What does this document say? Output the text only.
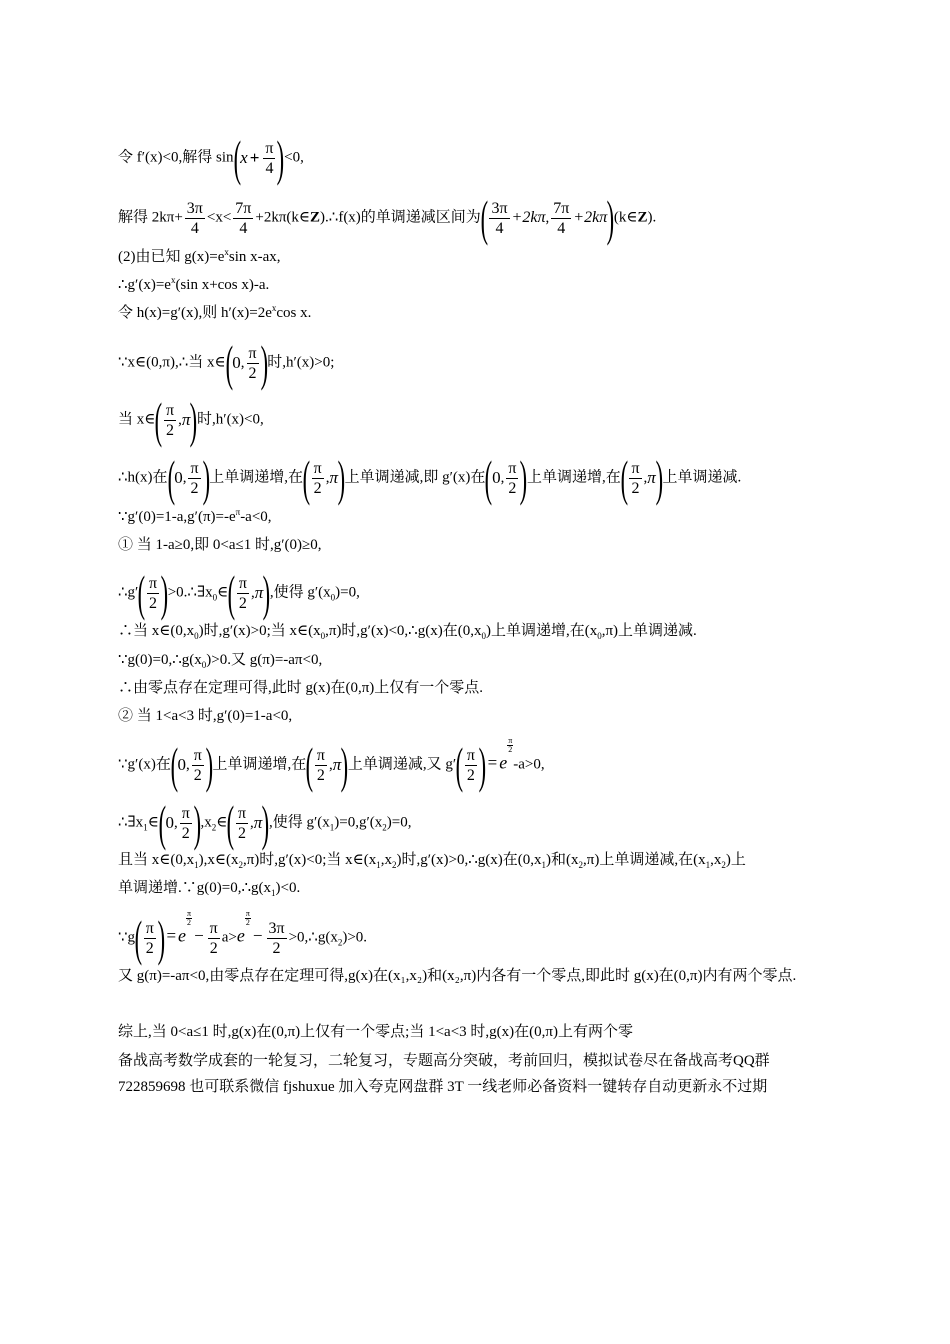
令 f′(x)<0,解得 sin ( $x + \frac{\pi}{4}$ ) <0,
解得 $2k\pi+ \frac{3\pi}{4} <x< \frac{7\pi}{4}$ +2kπ(k∈Z).∴f(x)的单调递减区间为 ( $\frac{3\pi}{4} +2k\pi$ , $\frac{7\pi}{4} +2k\pi$ ) (k∈Z).
(2)由已知 $g(x)=e^x\sin$ x-ax,
$\therefore g'(x)=e^x(\sin$ x+cos x)-a.
令 h(x)=g′(x),则 $h'(x)=2e^x\cos$ x.
∵x∈(0,π),∴当 x∈ ( 0 , $\frac{\pi}{2}$ ) 时,h′(x)>0;
当 x∈ ( $\frac{\pi}{2}$ , π ) 时,h′(x)<0,
∴h(x)在 ( 0 , $\frac{\pi}{2}$ ) 上单调递增,在 ( $\frac{\pi}{2}$ , π ) 上单调递减,即 g′(x)在 ( 0 , $\frac{\pi}{2}$ ) 上单调递增,在 ( $\frac{\pi}{2}$ , π ) 上单调递减.
$\because g'(0)=1-a,g'(\pi)=-e^\pi-a<0$,
① 当 1-a≥0,即 0<a≤1 时,g′(0)≥0,
∴g′ ( $\frac{\pi}{2}$ ) $>0.\therefore\exists x_0\in$ ( $\frac{\pi}{2}$ , π ) ,使得 $g'(x_0)=0$,
∴当 $x\in(0,x_0)$时,g′(x)>0;当 $x\in(x_0,\pi)$时,g′(x)<0,∴g(x)在$(0,x_0)$上单调递增,在$(x_0,\pi)$上单调递减.
$\because g(0)=0,\therefore g(x_0)>0$.又 g(π)=-aπ<0,
∴由零点存在定理可得,此时 g(x)在(0,π)上仅有一个零点.
② 当 1<a<3 时,g′(0)=1-a<0,
∵g′(x)在 ( 0 , $\frac{\pi}{2}$ ) 上单调递增,在 ( $\frac{\pi}{2}$ , π ) 上单调递减,又 g′ ( $\frac{\pi}{2}$ ) = e
$\frac{\pi}{2}$
-a>0,
$\therefore\exists x_1\in$ ( 0 , $\frac{\pi}{2}$ ) $,x_2\in$ ( $\frac{\pi}{2}$ , π ) ,使得 $g'(x_1)=0,g'(x_2)=0$,
且当 $x\in(0,x_1),x\in(x_2,\pi)$时,g′(x)<0;当 $x\in(x_1,x_2)$时,g′(x)>0,∴g(x)在$(0,x_1)$和$(x_2,\pi)$上单调递减,在$(x_1,x_2)$上
单调递增$.\because g(0)=0,\therefore g(x_1)<0$.
∵g ( $\frac{\pi}{2}$ ) = e
$\frac{\pi}{2}$
− $\frac{\pi}{2} a>e$
$\frac{\pi}{2}$
− $\frac{3\pi}{2}$ $>0,\therefore g(x_2)>0$.
又 g(π)=-aπ<0,由零点存在定理可得,g(x)在(x₁,x₂)和(x₂,π)内各有一个零点,即此时 g(x)在(0,π)内有两个零点.
综上,当 0<a≤1 时,g(x)在(0,π)上仅有一个零点;当 1<a<3 时,g(x)在(0,π)上有两个零
备战高考数学成套的一轮复习，二轮复习，专题高分突破，考前回归，模拟试卷尽在备战高考QQ群 722859698 也可联系微信 fjshuxue 加入夸克网盘群 3T 一线老师必备资料一键转存自动更新永不过期
